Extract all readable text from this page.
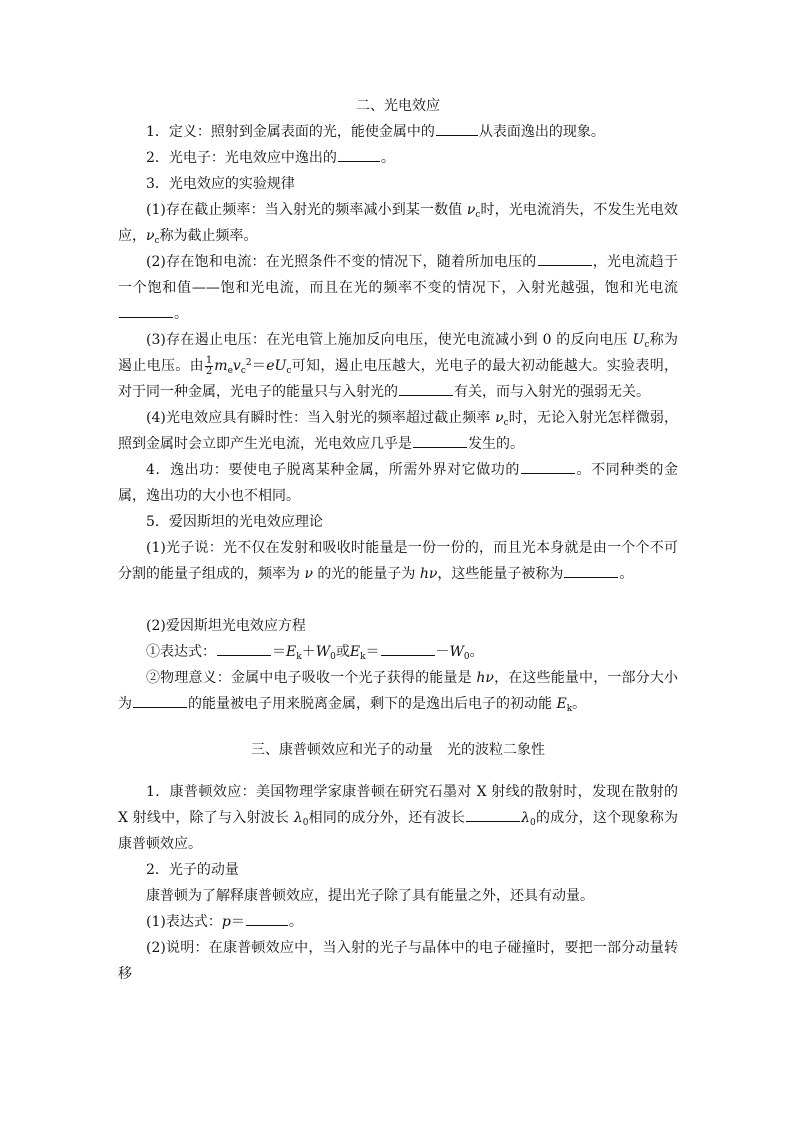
二、光电效应

1．定义：照射到金属表面的光，能使金属中的	从表面逸出的现象。

2．光电子：光电效应中逸出的	。

3．光电效应的实验规律

(1)存在截止频率：当入射光的频率减小到某一数值 $\nu_c$时，光电流消失，不发生光电效应，$\nu_c$称为截止频率。

(2)存在饱和电流：在光照条件不变的情况下，随着所加电压的	，光电流趋于一个饱和值——饱和光电流，而且在光的频率不变的情况下，入射光越强，饱和光电流。

(3)存在遏止电压：在光电管上施加反向电压，使光电流减小到 0 的反向电压 $U_c$称为遏止电压。由 $\frac{1}{2} m_ev_c^2=eU_c$可知，遏止电压越大，光电子的最大初动能越大。实验表明，对于同一种金属，光电子的能量只与入射光的	有关，而与入射光的强弱无关。

(4)光电效应具有瞬时性：当入射光的频率超过截止频率 $\nu_c$时，无论入射光怎样微弱，照到金属时会立即产生光电流，光电效应几乎是	发生的。

4．逸出功：要使电子脱离某种金属，所需外界对它做功的	。不同种类的金属，逸出功的大小也不相同。

5．爱因斯坦的光电效应理论

(1)光子说：光不仅在发射和吸收时能量是一份一份的，而且光本身就是由一个个不可分割的能量子组成的，频率为 ν 的光的能量子为 hν，这些能量子被称为	。

(2)爱因斯坦光电效应方程

①表达式：	$=E_k+W_0$或$E_k=$	$-W_0$。

②物理意义：金属中电子吸收一个光子获得的能量是 hν，在这些能量中，一部分大小为	的能量被电子用来脱离金属，剩下的是逸出后电子的初动能 $E_k$。

三、康普顿效应和光子的动量　光的波粒二象性

1．康普顿效应：美国物理学家康普顿在研究石墨对 X 射线的散射时，发现在散射的 X 射线中，除了与入射波长 $\lambda_0$相同的成分外，还有波长	$\lambda_0$的成分，这个现象称为康普顿效应。

2．光子的动量

康普顿为了解释康普顿效应，提出光子除了具有能量之外，还具有动量。

(1)表达式：p＝	。

(2)说明：在康普顿效应中，当入射的光子与晶体中的电子碰撞时，要把一部分动量转移
